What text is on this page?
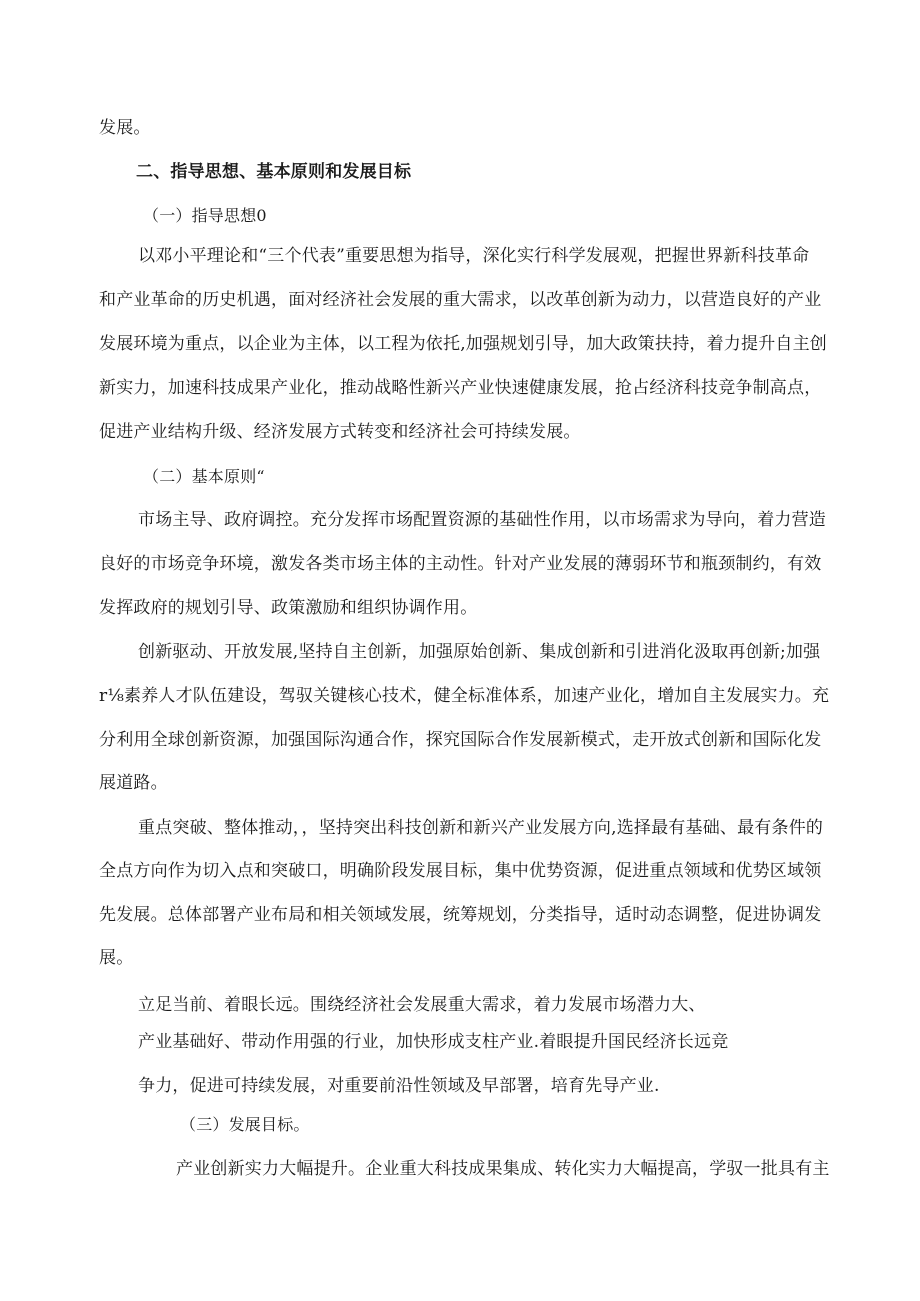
发展。
二、指导思想、基本原则和发展目标
（一）指导思想0
以邓小平理论和“三个代表”重要思想为指导，深化实行科学发展观，把握世界新科技革命
和产业革命的历史机遇，面对经济社会发展的重大需求，以改革创新为动力，以营造良好的产业
发展环境为重点，以企业为主体，以工程为依托,加强规划引导，加大政策扶持，着力提升自主创
新实力，加速科技成果产业化，推动战略性新兴产业快速健康发展，抢占经济科技竞争制高点，
促进产业结构升级、经济发展方式转变和经济社会可持续发展。
（二）基本原则“
市场主导、政府调控。充分发挥市场配置资源的基础性作用，以市场需求为导向，着力营造
良好的市场竞争环境，激发各类市场主体的主动性。针对产业发展的薄弱环节和瓶颈制约，有效
发挥政府的规划引导、政策激励和组织协调作用。
创新驱动、开放发展,坚持自主创新，加强原始创新、集成创新和引进消化汲取再创新;加强
r⅛素养人才队伍建设，驾驭关键核心技术，健全标准体系，加速产业化，增加自主发展实力。充
分利用全球创新资源，加强国际沟通合作，探究国际合作发展新模式，走开放式创新和国际化发
展道路。
重点突破、整体推动，，坚持突出科技创新和新兴产业发展方向,选择最有基础、最有条件的
全点方向作为切入点和突破口，明确阶段发展目标，集中优势资源，促进重点领域和优势区域领
先发展。总体部署产业布局和相关领域发展，统筹规划，分类指导，适时动态调整，促进协调发
展。
立足当前、着眼长远。围绕经济社会发展重大需求，着力发展市场潜力大、
产业基础好、带动作用强的行业，加快形成支柱产业.着眼提升国民经济长远竞
争力，促进可持续发展，对重要前沿性领域及早部署，培育先导产业.
（三）发展目标。
产业创新实力大幅提升。企业重大科技成果集成、转化实力大幅提高，学驭一批具有主
